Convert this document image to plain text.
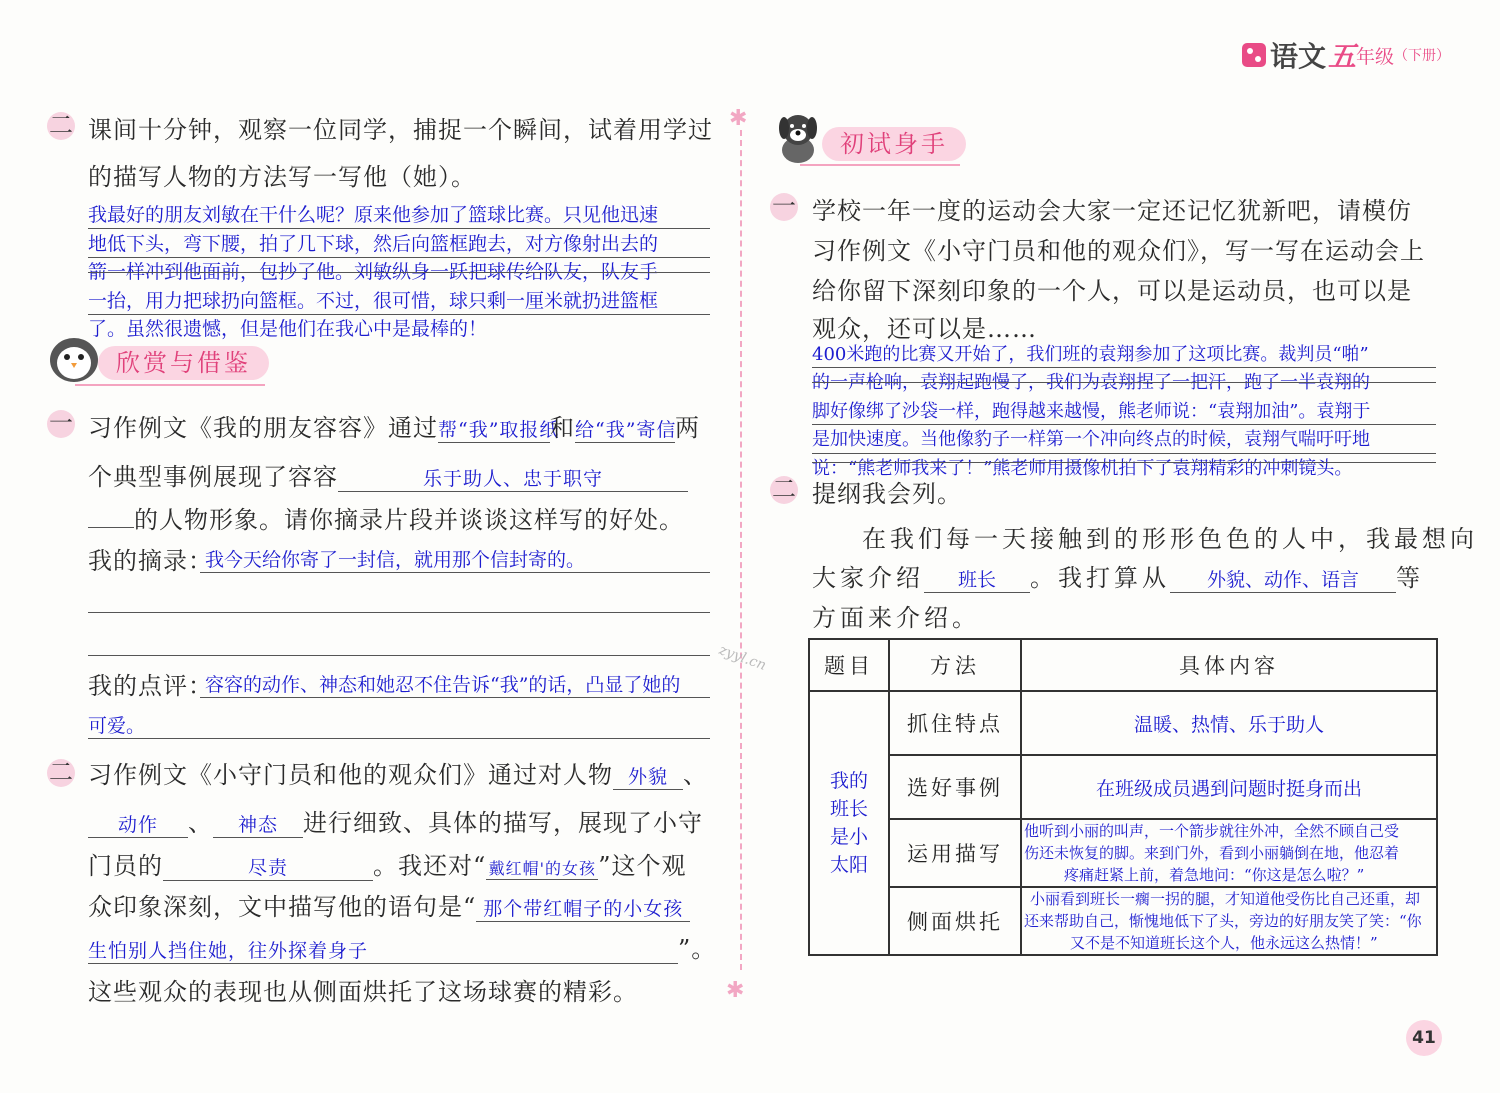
语文 五 年级 （下册）
✱
✱
zyyl.cn
二 课间十分钟，观察一位同学，捕捉一个瞬间，试着用学过
的描写人物的方法写一写他（她）。
我最好的朋友刘敏在干什么呢？原来他参加了篮球比赛。只见他迅速
地低下头，弯下腰，拍了几下球，然后向篮框跑去，对方像射出去的
箭一样冲到他面前，包抄了他。刘敏纵身一跃把球传给队友，队友手
一抬，用力把球扔向篮框。不过，很可惜，球只剩一厘米就扔进篮框
了。虽然很遗憾，但是他们在我心中是最棒的！
欣赏与借鉴
一 习作例文《我的朋友容容》通过帮“我”取报纸和给“我”寄信两
个典型事例展现了容容	乐于助人、忠于职守
的人物形象。请你摘录片段并谈谈这样写的好处。
我的摘录：
我今天给你寄了一封信，就用那个信封寄的。
我的点评：
容容的动作、神态和她忍不住告诉“我”的话，凸显了她的
可爱。
二 习作例文《小守门员和他的观众们》通过对人物 外貌 、
动作 、 神态 进行细致、具体的描写，展现了小守
门员的	尽责	。我还对“ 戴红帽'的女孩”这个观
众印象深刻，文中描写他的语句是“ 那个带红帽子的小女孩
生怕别人挡住她，往外探着身子	”。
这些观众的表现也从侧面烘托了这场球赛的精彩。
初试身手
一 学校一年一度的运动会大家一定还记忆犹新吧，请模仿
习作例文《小守门员和他的观众们》，写一写在运动会上
给你留下深刻印象的一个人，可以是运动员，也可以是
观众，还可以是……
400米跑的比赛又开始了，我们班的袁翔参加了这项比赛。裁判员“啪”
的一声枪响，袁翔起跑慢了，我们为袁翔捏了一把汗，跑了一半袁翔的
脚好像绑了沙袋一样，跑得越来越慢，熊老师说：“袁翔加油”。袁翔于
是加快速度。当他像豹子一样第一个冲向终点的时候，袁翔气喘吁吁地
说：“熊老师我来了！”熊老师用摄像机拍下了袁翔精彩的冲刺镜头。
二 提纲我会列。
在我们每一天接触到的形形色色的人中，我最想向
大家介绍 班长 。我打算从 外貌、动作、语言 等
方面来介绍。
题目	方法	具体内容

我的
班长
是小
太阳	抓住特点	温暖、热情、乐于助人
	选好事例	在班级成员遇到问题时挺身而出
	运用描写	他听到小丽的叫声，一个箭步就往外冲，全然不顾自己受
伤还未恢复的脚。来到门外，看到小丽躺倒在地，他忍着
疼痛赶紧上前，着急地问：“你这是怎么啦？”

	侧面烘托	小丽看到班长一瘸一拐的腿，才知道他受伤比自己还重，却
还来帮助自己，惭愧地低下了头，旁边的好朋友笑了笑：“你
又不是不知道班长这个人，他永远这么热情！”
41
